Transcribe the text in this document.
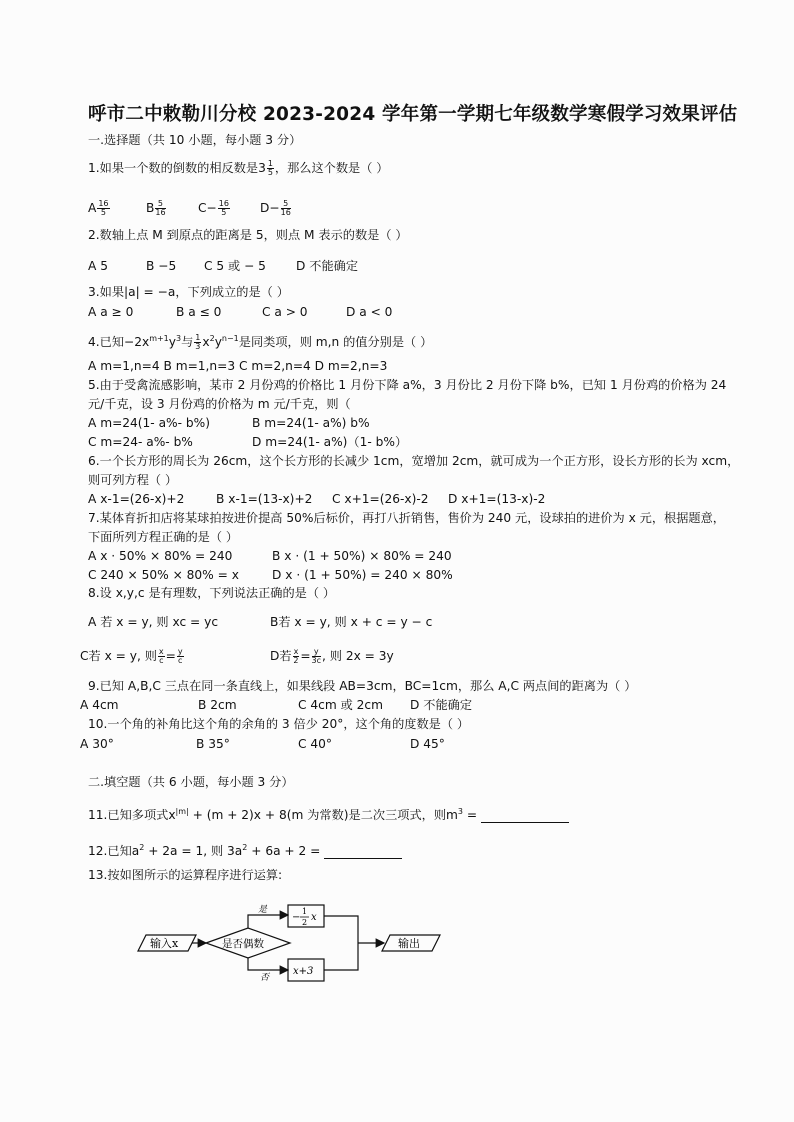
呼市二中敕勒川分校 2023-2024 学年第一学期七年级数学寒假学习效果评估
一.选择题（共 10 小题，每小题 3 分）
1.如果一个数的倒数的相反数是$3 \frac{1}{5}$ ，那么这个数是（ ）
A $\frac{16}{5}$	B $\frac{5}{16}$	$C- \frac{16}{5} D- \frac{5}{16}$
2.数轴上点 M 到原点的距离是 5，则点 M 表示的数是（ ）
A 5	B −5 C 5 或 − 5 D 不能确定
3.如果|a| = −a，下列成立的是（ ）
A a ≥ 0	B a ≤ 0	C a > 0	D a < 0
4.已知$-2x^{m+1}y^3$与 $\frac{1}{3} x^2y^{n-1}$是同类项，则 m,n 的值分别是（ ）
A m=1,n=4 B m=1,n=3 C m=2,n=4 D m=2,n=3
5.由于受禽流感影响，某市 2 月份鸡的价格比 1 月份下降 a%，3 月份比 2 月份下降 b%，已知 1 月份鸡的价格为 24
元/千克，设 3 月份鸡的价格为 m 元/千克，则（
A m=24(1- a%- b%)	B m=24(1- a%) b%
C m=24- a%- b%	D m=24(1- a%)（1- b%）
6.一个长方形的周长为 26cm，这个长方形的长减少 1cm，宽增加 2cm，就可成为一个正方形，设长方形的长为 xcm，
则可列方程（ ）
A x-1=(26-x)+2	B x-1=(13-x)+2 C x+1=(26-x)-2 D x+1=(13-x)-2
7.某体育折扣店将某球拍按进价提高 50%后标价，再打八折销售，售价为 240 元，设球拍的进价为 x 元，根据题意，
下面所列方程正确的是（ ）
A x · 50% × 80% = 240	B x · (1 + 50%) × 80% = 240
C 240 × 50% × 80% = x	D x · (1 + 50%) = 240 × 80%
8.设 x,y,c 是有理数，下列说法正确的是（ ）
A 若 x = y, 则 xc = yc	B若 x = y, 则 x + c = y − c
C若 x = y, 则 $\frac{x}{c} = \frac{y}{c}$	D若 $\frac{x}{2} = \frac{y}{3c}$ , 则 2x = 3y
9.已知 A,B,C 三点在同一条直线上，如果线段 AB=3cm，BC=1cm，那么 A,C 两点间的距离为（ ）
A 4cm	B 2cm	C 4cm 或 2cm D 不能确定
10.一个角的补角比这个角的余角的 3 倍少 20°，这个角的度数是（ ）
A 30°	B 35°	C 40°	D 45°
二.填空题（共 6 小题，每小题 3 分）
11.已知多项式$x^{|m|} + (m + 2)x + 8(m$ 为常数)是二次三项式，则$m^3$ =
12.已知$a^2 + 2a = 1$, 则 $3a^2 + 6a + 2$ =
13.按如图所示的运算程序进行运算:
输入x	是否偶数
是
否
−
1
2 x
x+3
输出
